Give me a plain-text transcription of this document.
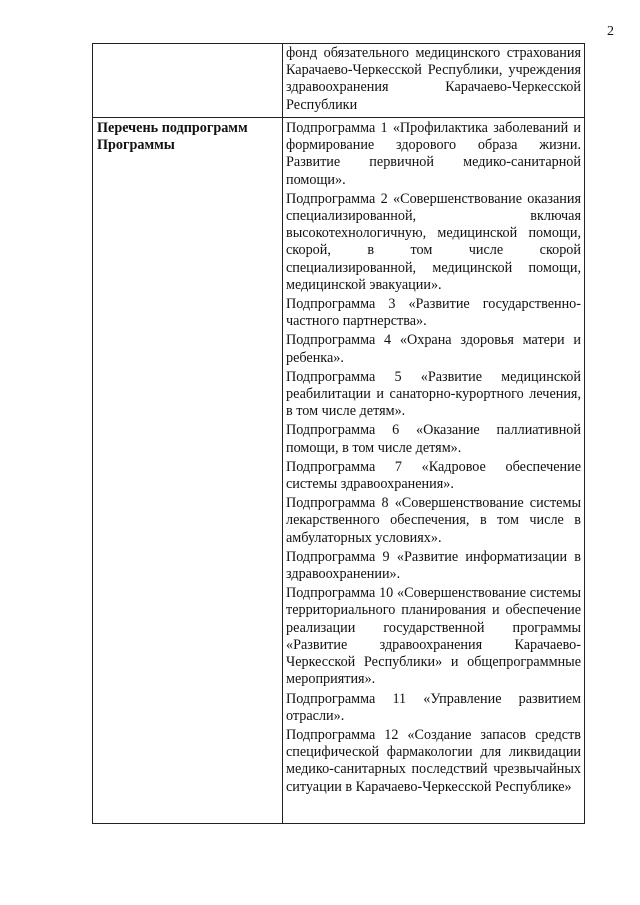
2
фонд обязательного медицинского страхования Карачаево-Черкесской Республики, учреждения здравоохранения Карачаево-Черкесской Республики
Перечень подпрограмм Программы

Подпрограмма 1 «Профилактика заболеваний и формирование здорового образа жизни. Развитие первичной медико-санитарной помощи».

Подпрограмма 2 «Совершенствование оказания специализированной, включая высокотехнологичную, медицинской помощи, скорой, в том числе скорой специализированной, медицинской помощи, медицинской эвакуации».

Подпрограмма 3 «Развитие государственно-частного партнерства».

Подпрограмма 4 «Охрана здоровья матери и ребенка».

Подпрограмма 5 «Развитие медицинской реабилитации и санаторно-курортного лечения, в том числе детям».

Подпрограмма 6 «Оказание паллиативной помощи, в том числе детям».

Подпрограмма 7 «Кадровое обеспечение системы здравоохранения».

Подпрограмма 8 «Совершенствование системы лекарственного обеспечения, в том числе в амбулаторных условиях».

Подпрограмма 9 «Развитие информатизации в здравоохранении».

Подпрограмма 10 «Совершенствование системы территориального планирования и обеспечение реализации государственной программы «Развитие здравоохранения Карачаево-Черкесской Республики» и общепрограммные мероприятия».

Подпрограмма 11 «Управление развитием отрасли».

Подпрограмма 12 «Создание запасов средств специфической фармакологии для ликвидации медико-санитарных последствий чрезвычайных ситуации в Карачаево-Черкесской Республике»
